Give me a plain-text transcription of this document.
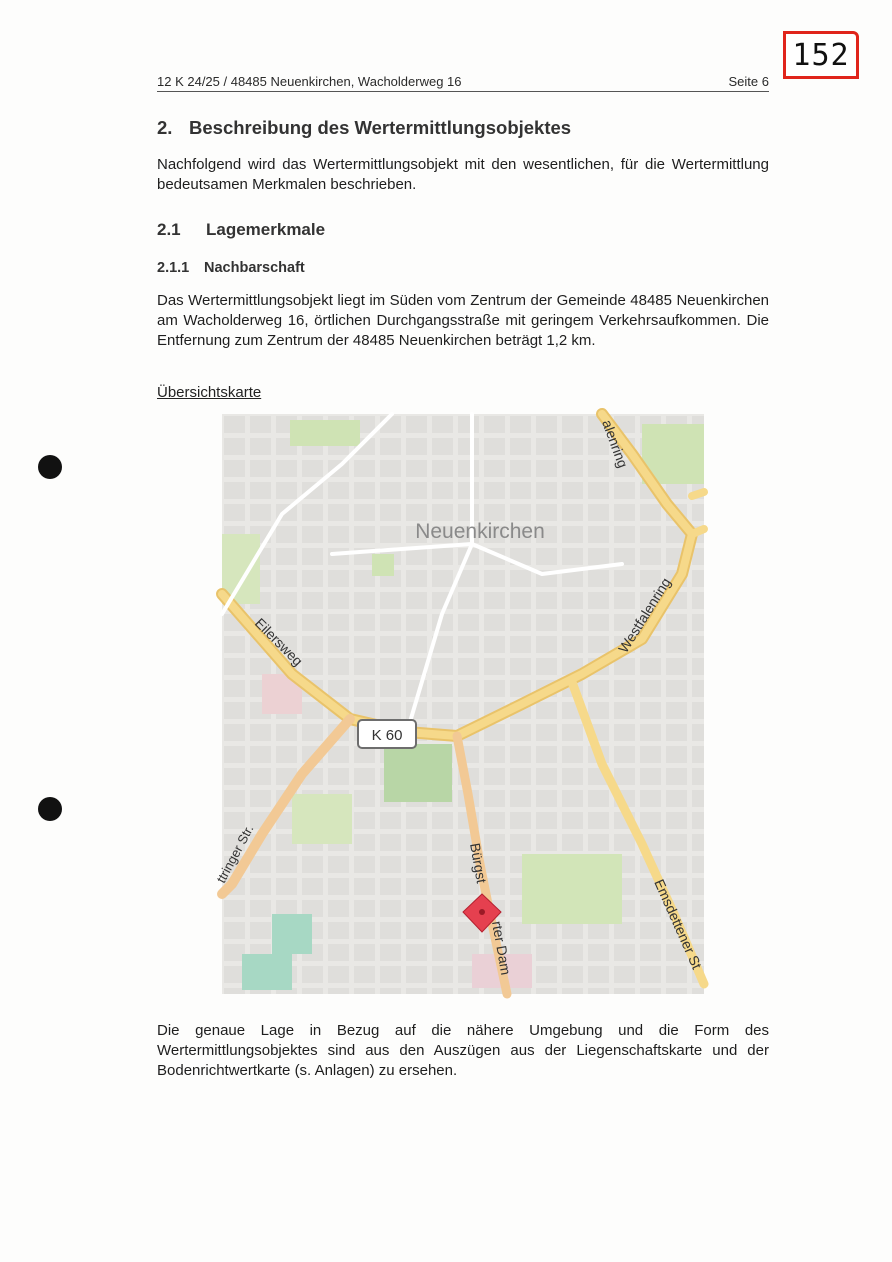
152
12 K 24/25 / 48485 Neuenkirchen, Wacholderweg 16	Seite 6
2. Beschreibung des Wertermittlungsobjektes
Nachfolgend wird das Wertermittlungsobjekt mit den wesentlichen, für die Wertermittlung bedeutsamen Merkmalen beschrieben.
2.1 Lagemerkmale
2.1.1 Nachbarschaft
Das Wertermittlungsobjekt liegt im Süden vom Zentrum der Gemeinde 48485 Neuenkirchen am Wacholderweg 16, örtlichen Durchgangsstraße mit geringem Verkehrsaufkommen. Die Entfernung zum Zentrum der 48485 Neuenkirchen beträgt 1,2 km.
Übersichtskarte
Neuenkirchen
alenring
Westfalenring
Eilersweg
Emsdettener St
Bürgst
rter Dam
ttringer Str.
K 60
Die genaue Lage in Bezug auf die nähere Umgebung und die Form des Wertermittlungsobjektes sind aus den Auszügen aus der Liegenschaftskarte und der Bodenrichtwertkarte (s. Anlagen) zu ersehen.
